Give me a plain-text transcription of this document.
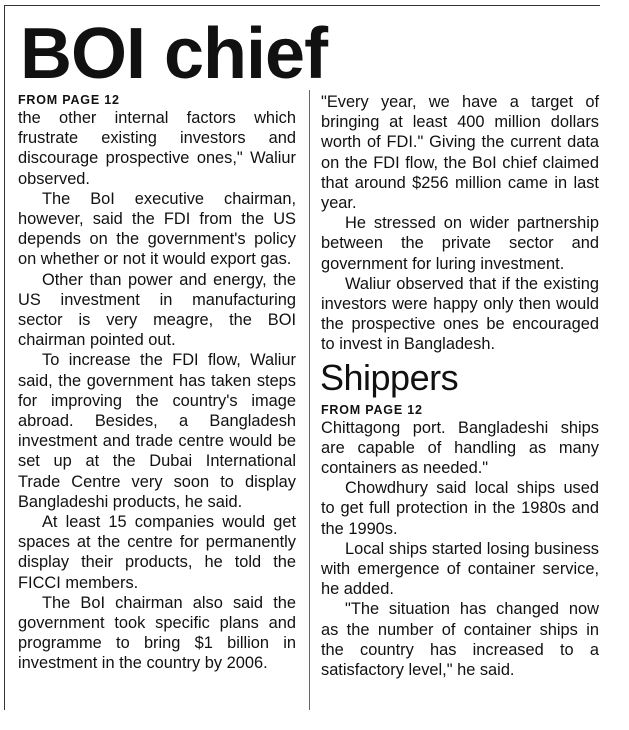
BOI chief
FROM PAGE 12

the other internal factors which frustrate existing investors and discourage prospective ones," Waliur observed.

The BoI executive chairman, however, said the FDI from the US depends on the government's policy on whether or not it would export gas.

Other than power and energy, the US investment in manufacturing sector is very meagre, the BOI chairman pointed out.

To increase the FDI flow, Waliur said, the government has taken steps for improving the country's image abroad. Besides, a Bangladesh investment and trade centre would be set up at the Dubai International Trade Centre very soon to display Bangladeshi products, he said.

At least 15 companies would get spaces at the centre for permanently display their products, he told the FICCI members.

The BoI chairman also said the government took specific plans and programme to bring $1 billion in investment in the country by 2006.

"Every year, we have a target of bringing at least 400 million dollars worth of FDI." Giving the current data on the FDI flow, the BoI chief claimed that around $256 million came in last year.

He stressed on wider partnership between the private sector and government for luring investment.

Waliur observed that if the existing investors were happy only then would the prospective ones be encouraged to invest in Bangladesh.

Shippers
FROM PAGE 12

Chittagong port. Bangladeshi ships are capable of handling as many containers as needed."

Chowdhury said local ships used to get full protection in the 1980s and the 1990s.

Local ships started losing business with emergence of container service, he added.

"The situation has changed now as the number of container ships in the country has increased to a satisfactory level," he said.
